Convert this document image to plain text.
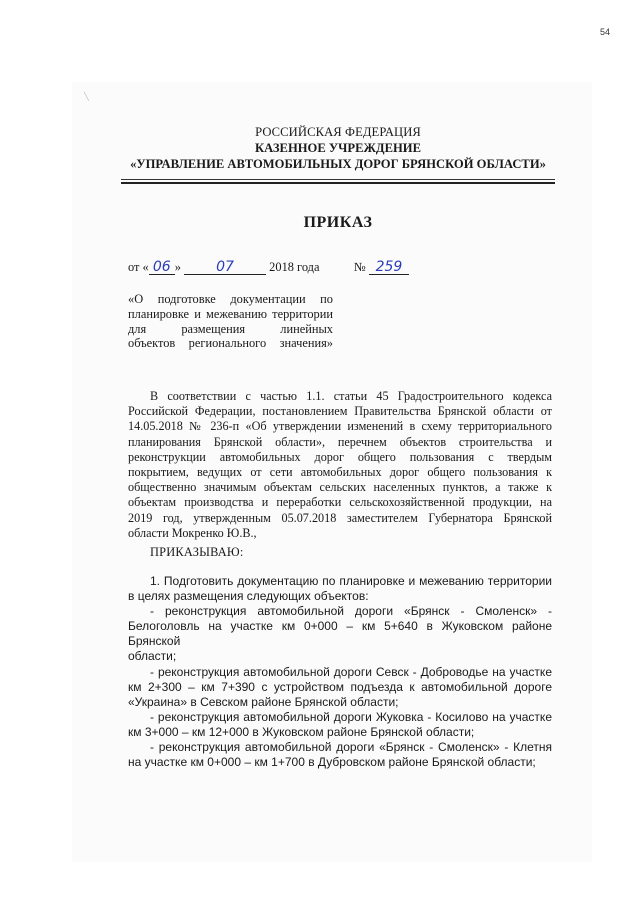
54
╲
РОССИЙСКАЯ ФЕДЕРАЦИЯ
КАЗЕННОЕ УЧРЕЖДЕНИЕ
«УПРАВЛЕНИЕ АВТОМОБИЛЬНЫХ ДОРОГ БРЯНСКОЙ ОБЛАСТИ»
ПРИКАЗ
от « 06 »	07	2018 года	№ 259
«О подготовке документации по
планировке и межеванию территории
для размещения линейных
объектов регионального значения»
В соответствии с частью 1.1. статьи 45 Градостроительного кодекса
Российской Федерации, постановлением Правительства Брянской области от
14.05.2018 № 236-п «Об утверждении изменений в схему территориального
планирования Брянской области», перечнем объектов строительства и
реконструкции автомобильных дорог общего пользования с твердым
покрытием, ведущих от сети автомобильных дорог общего пользования к
общественно значимым объектам сельских населенных пунктов, а также к
объектам производства и переработки сельскохозяйственной продукции, на
2019 год, утвержденным 05.07.2018 заместителем Губернатора Брянской
области Мокренко Ю.В.,
ПРИКАЗЫВАЮ:
1. Подготовить документацию по планировке и межеванию территории
в целях размещения следующих объектов:
- реконструкция автомобильной дороги «Брянск - Смоленск» -
Белоголовль на участке км 0+000 – км 5+640 в Жуковском районе Брянской
области;
- реконструкция автомобильной дороги Севск - Доброводье на участке
км 2+300 – км 7+390 с устройством подъезда к автомобильной дороге
«Украина» в Севском районе Брянской области;
- реконструкция автомобильной дороги Жуковка - Косилово на участке
км 3+000 – км 12+000 в Жуковском районе Брянской области;
- реконструкция автомобильной дороги «Брянск - Смоленск» - Клетня
на участке км 0+000 – км 1+700 в Дубровском районе Брянской области;
